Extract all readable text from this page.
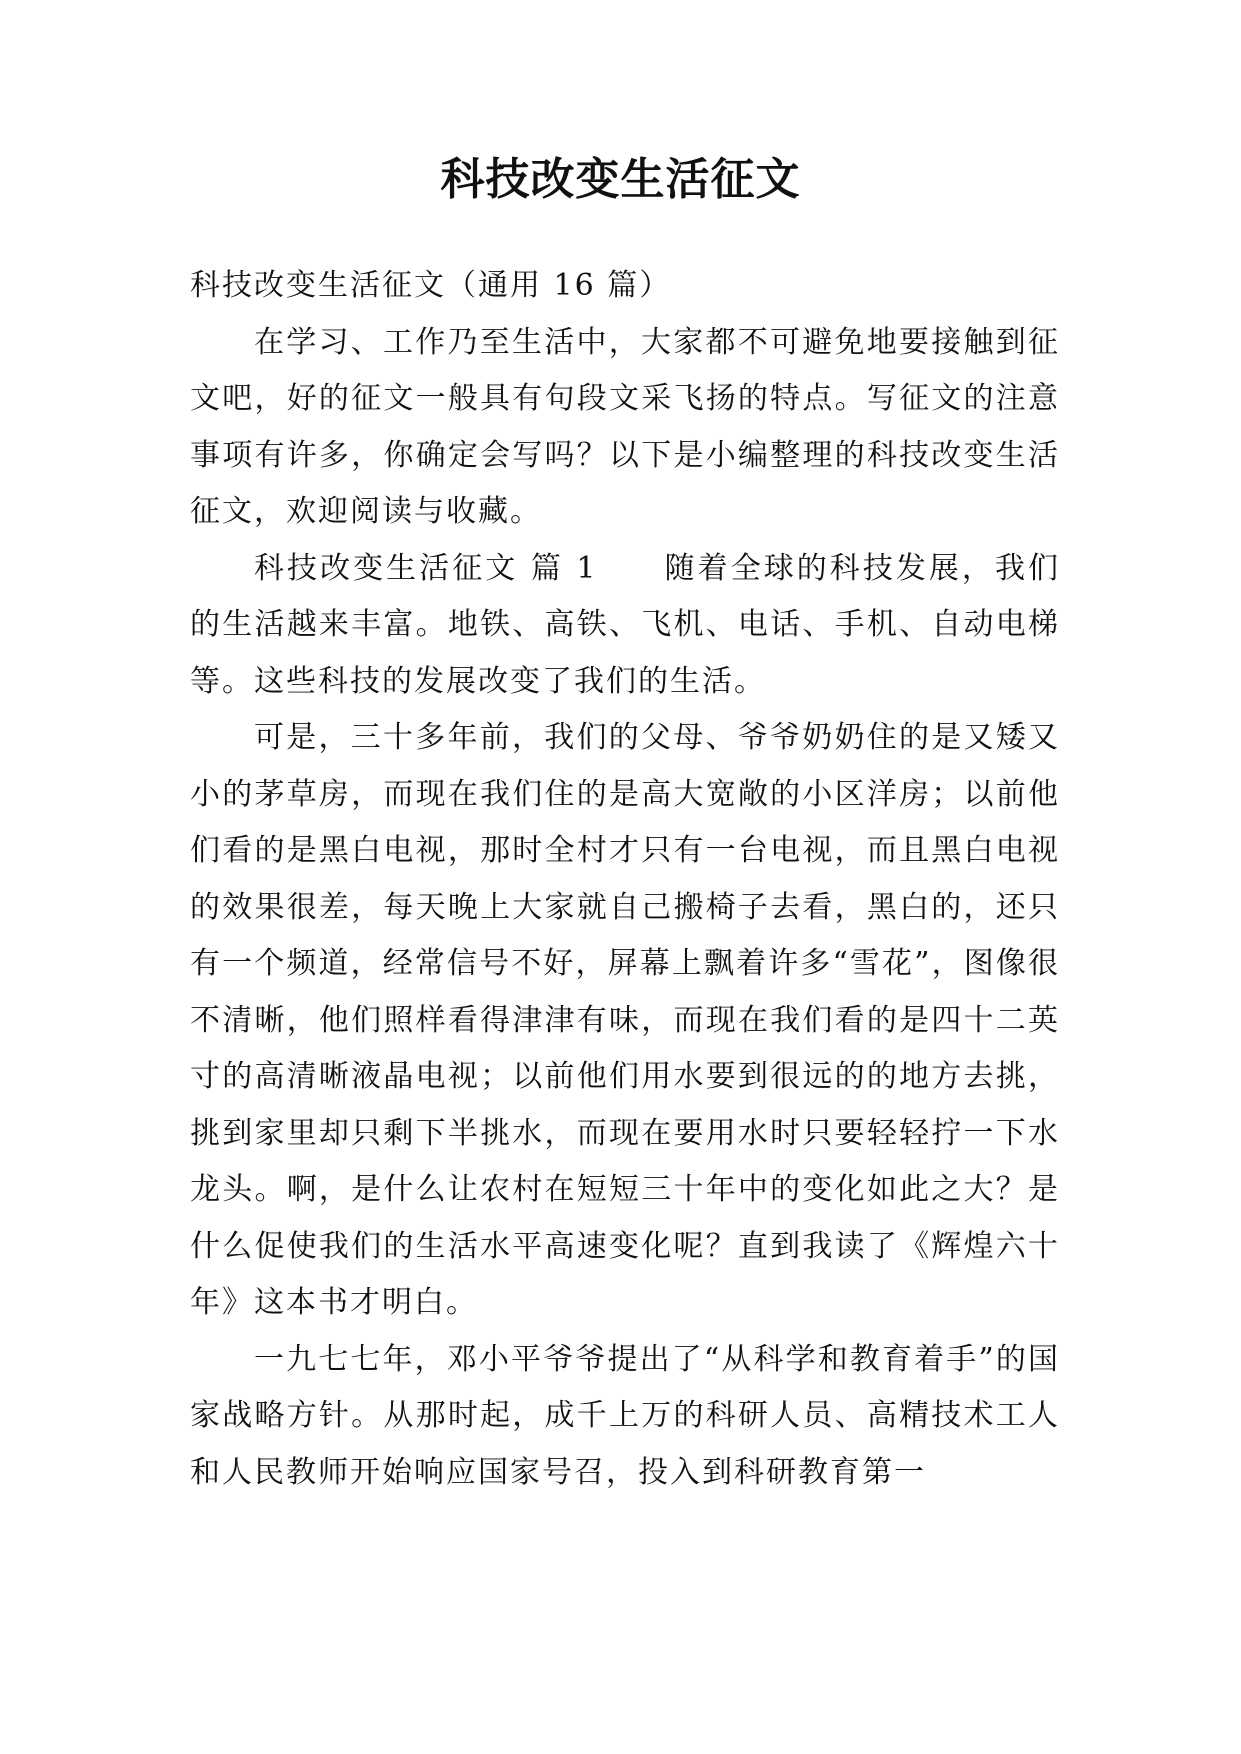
科技改变生活征文

科技改变生活征文（通用 16 篇）

在学习、工作乃至生活中，大家都不可避免地要接触到征文吧，好的征文一般具有句段文采飞扬的特点。写征文的注意事项有许多，你确定会写吗？以下是小编整理的科技改变生活征文，欢迎阅读与收藏。

科技改变生活征文 篇 1　　随着全球的科技发展，我们的生活越来丰富。地铁、高铁、飞机、电话、手机、自动电梯等。这些科技的发展改变了我们的生活。

可是，三十多年前，我们的父母、爷爷奶奶住的是又矮又小的茅草房，而现在我们住的是高大宽敞的小区洋房；以前他们看的是黑白电视，那时全村才只有一台电视，而且黑白电视的效果很差，每天晚上大家就自己搬椅子去看，黑白的，还只有一个频道，经常信号不好，屏幕上飘着许多“雪花”，图像很不清晰，他们照样看得津津有味，而现在我们看的是四十二英寸的高清晰液晶电视；以前他们用水要到很远的的地方去挑，挑到家里却只剩下半挑水，而现在要用水时只要轻轻拧一下水龙头。啊，是什么让农村在短短三十年中的变化如此之大？是什么促使我们的生活水平高速变化呢？直到我读了《辉煌六十年》这本书才明白。

一九七七年，邓小平爷爷提出了“从科学和教育着手”的国家战略方针。从那时起，成千上万的科研人员、高精技术工人和人民教师开始响应国家号召，投入到科研教育第一
